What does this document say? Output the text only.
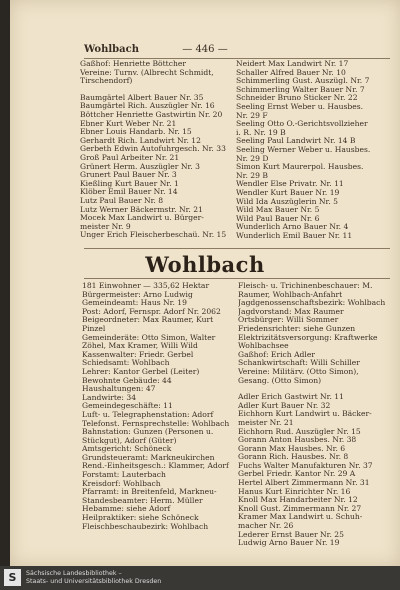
Wohlbach	— 446 —
Gaßhof: Henriette Böttcher
Vereine: Turnv. (Albrecht Schmidt,
Tirschendorf)
Baumgärtel Albert Bauer Nr. 35
Baumgärtel Rich. Auszügler Nr. 16
Böttcher Henriette Gastwirtin Nr. 20
Ebner Kurt Weber Nr. 21
Ebner Louis Handarb. Nr. 15
Gerhardt Rich. Landwirt Nr. 12
Gerbeth Edwin Autofuhrgesch. Nr. 33
Groß Paul Arbeiter Nr. 21
Grünert Herm. Auszügler Nr. 3
Grunert Paul Bauer Nr. 3
Kießling Kurt Bauer Nr. 1
Klöber Emil Bauer Nr. 14
Lutz Paul Bauer Nr. 8
Lutz Werner Bäckermstr. Nr. 21
Mocek Max Landwirt u. Bürger-
meister Nr. 9
Unger Erich Fleischerbeschaü. Nr. 15
Neidert Max Landwirt Nr. 17
Schaller Alfred Bauer Nr. 10
Schimmerling Gust. Auszügl. Nr. 7
Schimmerling Walter Bauer Nr. 7
Schneider Bruno Sticker Nr. 22
Seeling Ernst Weber u. Hausbes.
Nr. 29 F
Seeling Otto O.-Gerichtsvollzieher
i. R. Nr. 19 B
Seeling Paul Landwirt Nr. 14 B
Seeling Werner Weber u. Hausbes.
Nr. 29 D
Simon Kurt Maurerpol. Hausbes.
Nr. 29 B
Wendler Else Privatr. Nr. 11
Wendler Kurt Bauer Nr. 19
Wild Ida Auszüglerin Nr. 5
Wild Max Bauer Nr. 5
Wild Paul Bauer Nr. 6
Wunderlich Arno Bauer Nr. 4
Wunderlich Emil Bauer Nr. 11
Wohlbach
181 Einwohner — 335,62 Hektar
Bürgermeister: Arno Ludwig
Gemeindeamt: Haus Nr. 19
Post: Adorf, Fernspr. Adorf Nr. 2062
Beigeordneter: Max Raumer, Kurt
Pinzel
Gemeinderäte: Otto Simon, Walter
Zöhel, Max Kramer, Willi Wild
Kassenwalter: Friedr. Gerbel
Schiedsamt: Wohlbach
Lehrer: Kantor Gerbel (Leiter)
Bewohnte Gebäude: 44
Haushaltungen: 47
Landwirte: 34
Gemeindegeschäfte: 11
Luft- u. Telegraphenstation: Adorf
Telefonst. Fernsprechstelle: Wohlbach
Bahnstation: Gunzen (Personen u.
Stückgut), Adorf (Güter)
Amtsgericht: Schöneck
Grundsteueramt: Markneukirchen
Rend.-Einheitsgesch.: Klammer, Adorf
Forstamt: Lauterbach
Kreisdorf: Wohlbach
Pfarramt: in Breitenfeld, Markneu-
Standesbeamter: Herm. Müller
Hebamme: siehe Adorf
Heilpraktiker: siehe Schöneck
Fleischbeschaubezirk: Wohlbach
Fleisch- u. Trichinenbeschauer: M.
Raumer, Wohlbach-Anfahrt
Jagdgenossenschaftsbezirk: Wohlbach
Jagdvorstand: Max Raumer
Ortsbürger: Willi Sommer
Friedensrichter: siehe Gunzen
Elektrizitätsversorgung: Kraftwerke
Wohlbachsee
Gaßhof: Erich Adler
Schankwirtschaft: Willi Schiller
Vereine: Militärv. (Otto Simon),
Gesang. (Otto Simon)
Adler Erich Gastwirt Nr. 11
Adler Kurt Bauer Nr. 32
Eichhorn Kurt Landwirt u. Bäcker-
meister Nr. 21
Eichhorn Rud. Auszügler Nr. 15
Gorann Anton Hausbes. Nr. 38
Gorann Max Hausbes. Nr. 6
Gorann Rich. Hausbes. Nr. 8
Fuchs Walter Manufakturen Nr. 37
Gerbel Friedr. Kantor Nr. 29 A
Hertel Albert Zimmermann Nr. 31
Hanus Kurt Einrichter Nr. 16
Knoll Max Handarbeiter Nr. 12
Knoll Gust. Zimmermann Nr. 27
Kramer Max Landwirt u. Schuh-
macher Nr. 26
Lederer Ernst Bauer Nr. 25
Ludwig Arno Bauer Nr. 19
S	Sächsische Landesbibliothek –
Staats- und Universitätsbibliothek Dresden
